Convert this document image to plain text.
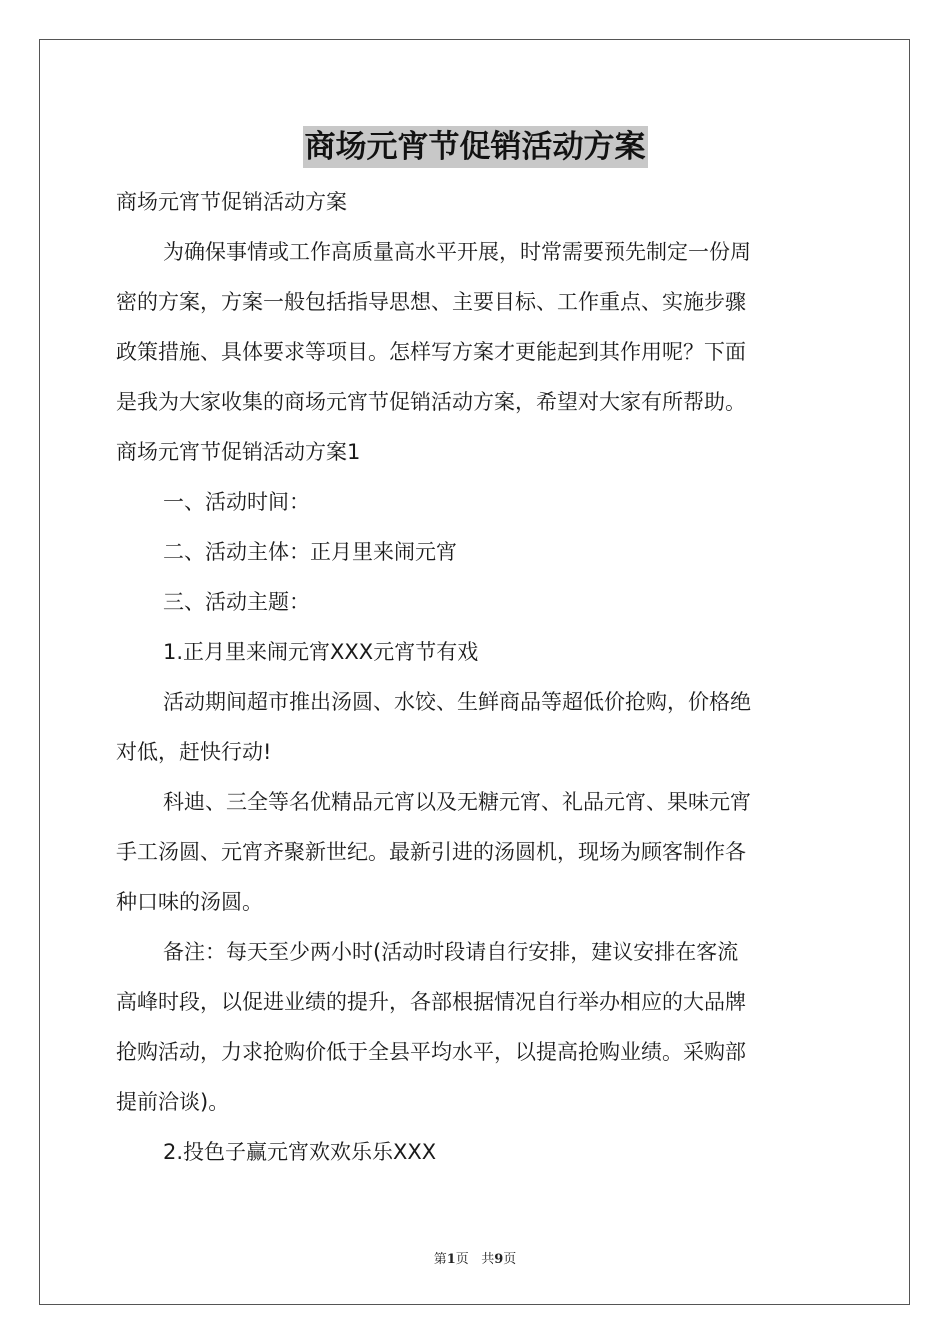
商场元宵节促销活动方案

商场元宵节促销活动方案

为确保事情或工作高质量高水平开展，时常需要预先制定一份周

密的方案，方案一般包括指导思想、主要目标、工作重点、实施步骤

政策措施、具体要求等项目。怎样写方案才更能起到其作用呢？下面

是我为大家收集的商场元宵节促销活动方案，希望对大家有所帮助。

商场元宵节促销活动方案1

一、活动时间：

二、活动主体：正月里来闹元宵

三、活动主题：

1.正月里来闹元宵XXX元宵节有戏

活动期间超市推出汤圆、水饺、生鲜商品等超低价抢购，价格绝

对低，赶快行动!

科迪、三全等名优精品元宵以及无糖元宵、礼品元宵、果味元宵

手工汤圆、元宵齐聚新世纪。最新引进的汤圆机，现场为顾客制作各

种口味的汤圆。

备注：每天至少两小时(活动时段请自行安排，建议安排在客流

高峰时段，以促进业绩的提升，各部根据情况自行举办相应的大品牌

抢购活动，力求抢购价低于全县平均水平，以提高抢购业绩。采购部

提前洽谈)。

2.投色子赢元宵欢欢乐乐XXX

第1页 共9页
